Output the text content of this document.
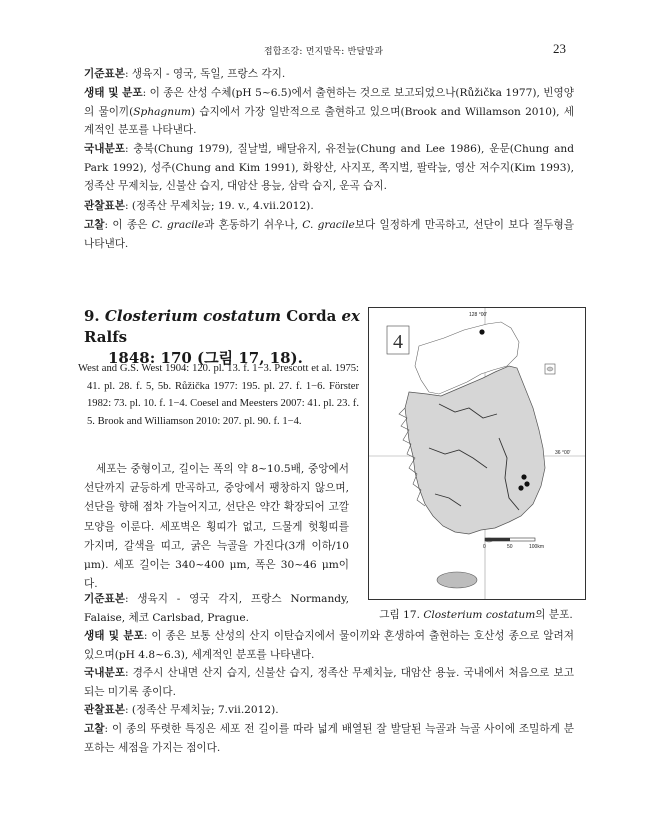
접합조강: 먼지말목: 반달말과	23

기준표본: 생육지 - 영국, 독일, 프랑스 각지.

생태 및 분포: 이 종은 산성 수체(pH 5~6.5)에서 출현하는 것으로 보고되었으나(Růžička 1977), 빈영양의 물이끼(Sphagnum) 습지에서 가장 일반적으로 출현하고 있으며(Brook and Willamson 2010), 세계적인 분포를 나타낸다.

국내분포: 충북(Chung 1979), 질날벌, 배달유지, 유전늪(Chung and Lee 1986), 운문(Chung and Park 1992), 성주(Chung and Kim 1991), 화왕산, 사지포, 쪽지벌, 팔락늪, 영산 저수지(Kim 1993), 정족산 무제치늪, 신불산 습지, 대암산 용늪, 삼락 습지, 운곡 습지.

관찰표본: (정족산 무제치늪; 19. v., 4.vii.2012).

고찰: 이 종은 C. gracile과 혼동하기 쉬우나, C. gracile보다 일정하게 만곡하고, 선단이 보다 절두형을 나타낸다.

9. Closterium costatum Corda ex Ralfs
1848: 170 (그림 17, 18).

West and G.S. West 1904: 120. pl. 13. f. 1−3. Prescott et al. 1975: 41. pl. 28. f. 5, 5b. Růžička 1977: 195. pl. 27. f. 1−6. Förster 1982: 73. pl. 10. f. 1−4. Coesel and Meesters 2007: 41. pl. 23. f. 5. Brook and Williamson 2010: 207. pl. 90. f. 1−4.

세포는 중형이고, 길이는 폭의 약 8~10.5배, 중앙에서 선단까지 균등하게 만곡하고, 중앙에서 팽창하지 않으며, 선단을 향해 점차 가늘어지고, 선단은 약간 확장되어 고깔 모양을 이룬다. 세포벽은 횡띠가 없고, 드물게 헛횡띠를 가지며, 갈색을 띠고, 굵은 늑골을 가진다(3개 이하/10 μm). 세포 길이는 340~400 μm, 폭은 30~46 μm이다.

128 °00'
36 °00'
4
0	50	100km

그림 17. Closterium costatum의 분포.

기준표본: 생육지 - 영국 각지, 프랑스 Normandy, Falaise, 체코 Carlsbad, Prague.

생태 및 분포: 이 종은 보통 산성의 산지 이탄습지에서 물이끼와 혼생하여 출현하는 호산성 종으로 알려져 있으며(pH 4.8~6.3), 세계적인 분포를 나타낸다.

국내분포: 경주시 산내면 산지 습지, 신불산 습지, 정족산 무제치늪, 대암산 용늪. 국내에서 처음으로 보고되는 미기록 종이다.

관찰표본: (정족산 무제치늪; 7.vii.2012).

고찰: 이 종의 뚜렷한 특징은 세포 전 길이를 따라 넓게 배열된 잘 발달된 늑골과 늑골 사이에 조밀하게 분포하는 세점을 가지는 점이다.
